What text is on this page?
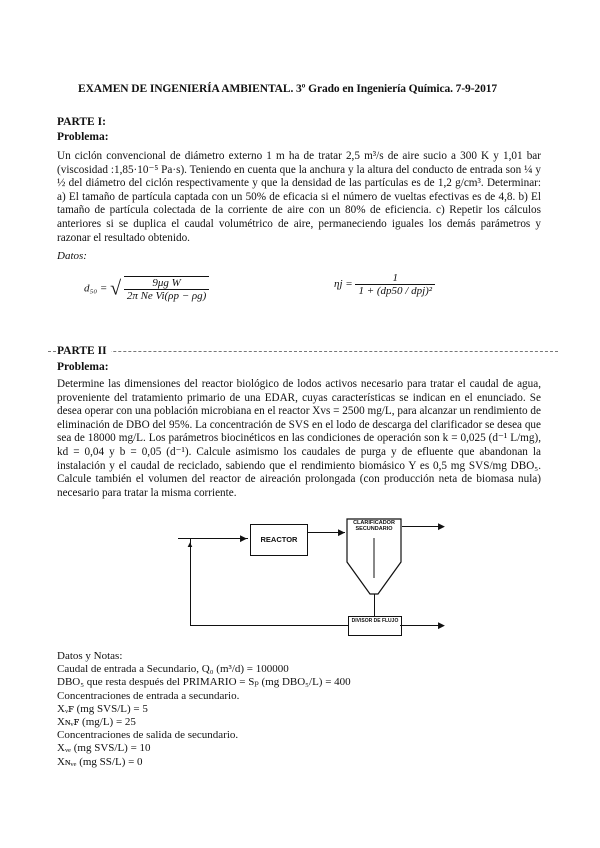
EXAMEN DE INGENIERÍA AMBIENTAL. 3º Grado en Ingeniería Química. 7-9-2017
PARTE I:
Problema:
Un ciclón convencional de diámetro externo 1 m ha de tratar 2,5 m³/s de aire sucio a 300 K y 1,01 bar (viscosidad :1,85·10⁻⁵ Pa·s). Teniendo en cuenta que la anchura y la altura del conducto de entrada son ¼ y ½ del diámetro del ciclón respectivamente y que la densidad de las partículas es de 1,2 g/cm³. Determinar: a) El tamaño de partícula captada con un 50% de eficacia si el número de vueltas efectivas es de 4,8. b) El tamaño de partícula colectada de la corriente de aire con un 80% de eficiencia. c) Repetir los cálculos anteriores si se duplica el caudal volumétrico de aire, permaneciendo iguales los demás parámetros y razonar el resultado obtenido.
Datos:
d₅₀ = √ $\frac{\text{9μg W}}{\text{2π Ne Vi(ρp − ρg)}}$	$\eta j = \frac{1}{\text{1 + (dp50 / dpj)²}}$
PARTE II
Problema:
Determine las dimensiones del reactor biológico de lodos activos necesario para tratar el caudal de agua, proveniente del tratamiento primario de una EDAR, cuyas características se indican en el enunciado. Se desea operar con una población microbiana en el reactor Xvs = 2500 mg/L, para alcanzar un rendimiento de eliminación de DBO del 95%. La concentración de SVS en el lodo de descarga del clarificador se desea que sea de 18000 mg/L. Los parámetros biocinéticos en las condiciones de operación son k = 0,025 (d⁻¹ L/mg), kd = 0,04 y b = 0,05 (d⁻¹). Calcule asimismo los caudales de purga y de efluente que abandonan la instalación y el caudal de reciclado, sabiendo que el rendimiento biomásico Y es 0,5 mg SVS/mg DBO₅. Calcule también el volumen del reactor de aireación prolongada (con producción neta de biomasa nula) necesario para tratar la misma corriente.
▶	REACTOR
▶
CLARIFICADOR SECUNDARIO	▶
DIVISOR DE FLUJO	▶
▲
Datos y Notas:
Caudal de entrada a Secundario, Q₀ (m³/d) = 100000
DBO₅ que resta después del PRIMARIO = Sₚ (mg DBO₅/L) = 400
Concentraciones de entrada a secundario.
Xᵥꜰ (mg SVS/L) = 5
Xɴᵥꜰ (mg/L) = 25
Concentraciones de salida de secundario.
Xᵥₑ (mg SVS/L) = 10
Xɴᵥₑ (mg SS/L) = 0
